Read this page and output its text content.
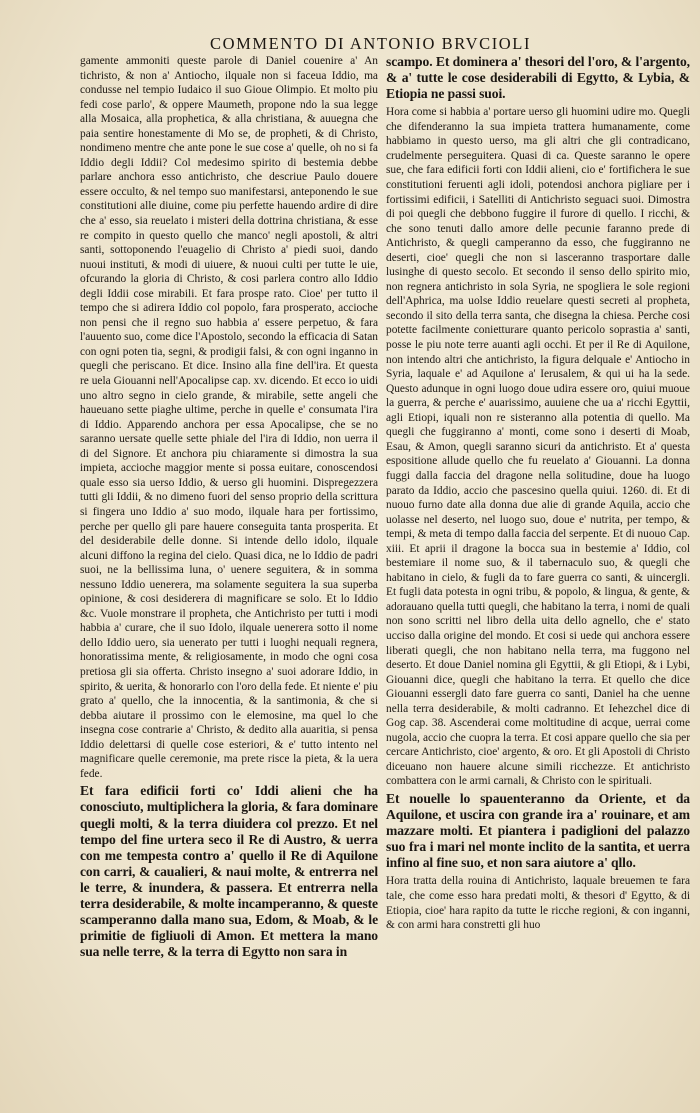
COMMENTO DI ANTONIO BRVCIOLI

gamente ammoniti queste parole di Daniel couenire a' An tichristo, & non a' Antiocho, ilquale non si faceua Iddio, ma condusse nel tempio Iudaico il suo Gioue Olimpio. Et molto piu fedi cose parlo', & oppere Maumeth, propone ndo la sua legge alla Mosaica, alla prophetica, & alla christiana, & auuegna che paia sentire honestamente di Mo se, de propheti, & di Christo, nondimeno mentre che ante pone le sue cose a' quelle, oh no si fa Iddio degli Iddii? Col medesimo spirito di bestemia debbe parlare anchora esso antichristo, che descriue Paulo douere essere occulto, & nel tempo suo manifestarsi, anteponendo le sue constitutioni alle diuine, come piu perfette hauendo ardire di dire che a' esso, sia reuelato i misteri della dottrina christiana, & esse re compito in questo quello che manco' negli apostoli, & altri santi, sottoponendo l'euagelio di Christo a' piedi suoi, dando nuoui instituti, & modi di uiuere, & nuoui culti per tutte le uie, ofcurando la gloria di Christo, & cosi parlera contro allo Iddio degli Iddii cose mirabili. Et fara prospe rato. Cioe' per tutto il tempo che si adirera Iddio col popolo, fara prosperato, accioche non pensi che il regno suo habbia a' essere perpetuo, & fara l'auuento suo, come dice l'Apostolo, secondo la efficacia di Satan con ogni poten tia, segni, & prodigii falsi, & con ogni inganno in quegli che periscano. Et dice. Insino alla fine dell'ira. Et questa re uela Giouanni nell'Apocalipse cap. xv. dicendo. Et ecco io uidi uno altro segno in cielo grande, & mirabile, sette angeli che haueuano sette piaghe ultime, perche in quelle e' consumata l'ira di Iddio. Apparendo anchora per essa Apocalipse, che se no saranno uersate quelle sette phiale del l'ira di Iddio, non uerra il di del Signore. Et anchora piu chiaramente si dimostra la sua impieta, accioche maggior mente si possa euitare, conoscendosi quale esso sia uerso Iddio, & uerso gli huomini. Dispregezzera tutti gli Iddii, & no dimeno fuori del senso proprio della scrittura si fingera uno Iddio a' suo modo, ilquale hara per fortissimo, perche per quello gli pare hauere conseguita tanta prosperita. Et del desiderabile delle donne. Si intende dello idolo, ilquale alcuni diffono la regina del cielo. Quasi dica, ne lo Iddio de padri suoi, ne la bellissima luna, o' uenere seguitera, & in somma nessuno Iddio uenerera, ma solamente seguitera la sua superba opinione, & cosi desiderera di magnificare se solo. Et lo Iddio &c. Vuole monstrare il propheta, che Antichristo per tutti i modi habbia a' curare, che il suo Idolo, ilquale uenerera sotto il nome dello Iddio uero, sia uenerato per tutti i luoghi nequali regnera, honoratissima mente, & religiosamente, in modo che ogni cosa pretiosa gli sia offerta. Christo insegno a' suoi adorare Iddio, in spirito, & uerita, & honorarlo con l'oro della fede. Et niente e' piu grato a' quello, che la innocentia, & la santimonia, & che si debba aiutare il prossimo con le elemosine, ma quel lo che insegna cose contrarie a' Christo, & dedito alla auaritia, si pensa Iddio delettarsi di quelle cose esteriori, & e' tutto intento nel magnificare quelle ceremonie, ma prete risce la pieta, & la uera fede.

Et fara edificii forti co' Iddi alieni che ha conosciuto, multiplichera la gloria, & fara dominare quegli molti, & la terra diuidera col prezzo. Et nel tempo del fine urtera seco il Re di Austro, & uerra con me tempesta contro a' quello il Re di Aquilone con carri, & caualieri, & naui molte, & entrerra nel le terre, & inundera, & passera. Et entrerra nella terra desiderabile, & molte incamperanno, & queste scamperanno dalla mano sua, Edom, & Moab, & le primitie de figliuoli di Amon. Et mettera la mano sua nelle terre, & la terra di Egytto non sara in

scampo. Et dominera a' thesori del l'oro, & l'argento, & a' tutte le cose desiderabili di Egytto, & Lybia, & Etiopia ne passi suoi.

Hora come si habbia a' portare uerso gli huomini udire mo. Quegli che difenderanno la sua impieta trattera humanamente, come habbiamo in questo uerso, ma gli altri che gli contradicano, crudelmente perseguitera. Quasi di ca. Queste saranno le opere sue, che fara edificii forti con Iddii alieni, cio e' fortifichera le sue constitutioni feruenti agli idoli, potendosi anchora pigliare per i fortissimi edificii, i Satelliti di Antichristo seguaci suoi. Dimostra di poi quegli che debbono fuggire il furore di quello. I ricchi, & che sono tenuti dallo amore delle pecunie faranno prede di Antichristo, & quegli camperanno da esso, che fuggiranno ne deserti, cioe' quegli che non si lasceranno trasportare dalle lusinghe di questo secolo. Et secondo il senso dello spirito mio, non regnera antichristo in sola Syria, ne spogliera le sole regioni dell'Aphrica, ma uolse Iddio reuelare questi secreti al propheta, secondo il sito della terra santa, che disegna la chiesa. Perche cosi potette facilmente conietturare quanto pericolo soprastia a' santi, posse le piu note terre auanti agli occhi. Et per il Re di Aquilone, non intendo altri che antichristo, la figura delquale e' Antiocho in Syria, laquale e' ad Aquilone a' Ierusalem, & qui ui ha la sede. Questo adunque in ogni luogo doue udira essere oro, quiui muoue la guerra, & perche e' auarissimo, auuiene che ua a' ricchi Egyttii, agli Etiopi, iquali non re sisteranno alla potentia di quello. Ma quegli che fuggiranno a' monti, come sono i deserti di Moab, Esau, & Amon, quegli saranno sicuri da antichristo. Et a' questa espositione allude quello che fu reuelato a' Giouanni. La donna fuggi dalla faccia del dragone nella solitudine, doue ha luogo parato da Iddio, accio che pascesino quella quiui. 1260. di. Et di nuouo furno date alla donna due alie di grande Aquila, accio che uolasse nel deserto, nel luogo suo, doue e' nutrita, per tempo, & tempi, & meta di tempo dalla faccia del serpente. Et di nuouo Cap. xiii. Et aprii il dragone la bocca sua in bestemie a' Iddio, col bestemiare il nome suo, & il tabernaculo suo, & quegli che habitano in cielo, & fugli da to fare guerra co santi, & uincergli. Et fugli data potesta in ogni tribu, & popolo, & lingua, & gente, & adorauano quella tutti quegli, che habitano la terra, i nomi de quali non sono scritti nel libro della uita dello agnello, che e' stato ucciso dalla origine del mondo. Et cosi si uede qui anchora essere liberati quegli, che non habitano nella terra, ma fuggono nel deserto. Et doue Daniel nomina gli Egyttii, & gli Etiopi, & i Lybi, Giouanni dice, quegli che habitano la terra. Et quello che dice Giouanni essergli dato fare guerra co santi, Daniel ha che uenne nella terra desiderabile, & molti cadranno. Et Iehezchel dice di Gog cap. 38. Ascenderai come moltitudine di acque, uerrai come nugola, accio che cuopra la terra. Et cosi appare quello che sia per cercare Antichristo, cioe' argento, & oro. Et gli Apostoli di Christo diceuano non hauere alcune simili ricchezze. Et antichristo combattera con le armi carnali, & Christo con le spirituali.

Et nouelle lo spauenteranno da Oriente, et da Aquilone, et uscira con grande ira a' rouinare, et am mazzare molti. Et piantera i padiglioni del palazzo suo fra i mari nel monte inclito de la santita, et uerra infino al fine suo, et non sara aiutore a' qllo.

Hora tratta della rouina di Antichristo, laquale breuemen te fara tale, che come esso hara predati molti, & thesori d' Egytto, & di Etiopia, cioe' hara rapito da tutte le ricche regioni, & con inganni, & con armi hara constretti gli huo
